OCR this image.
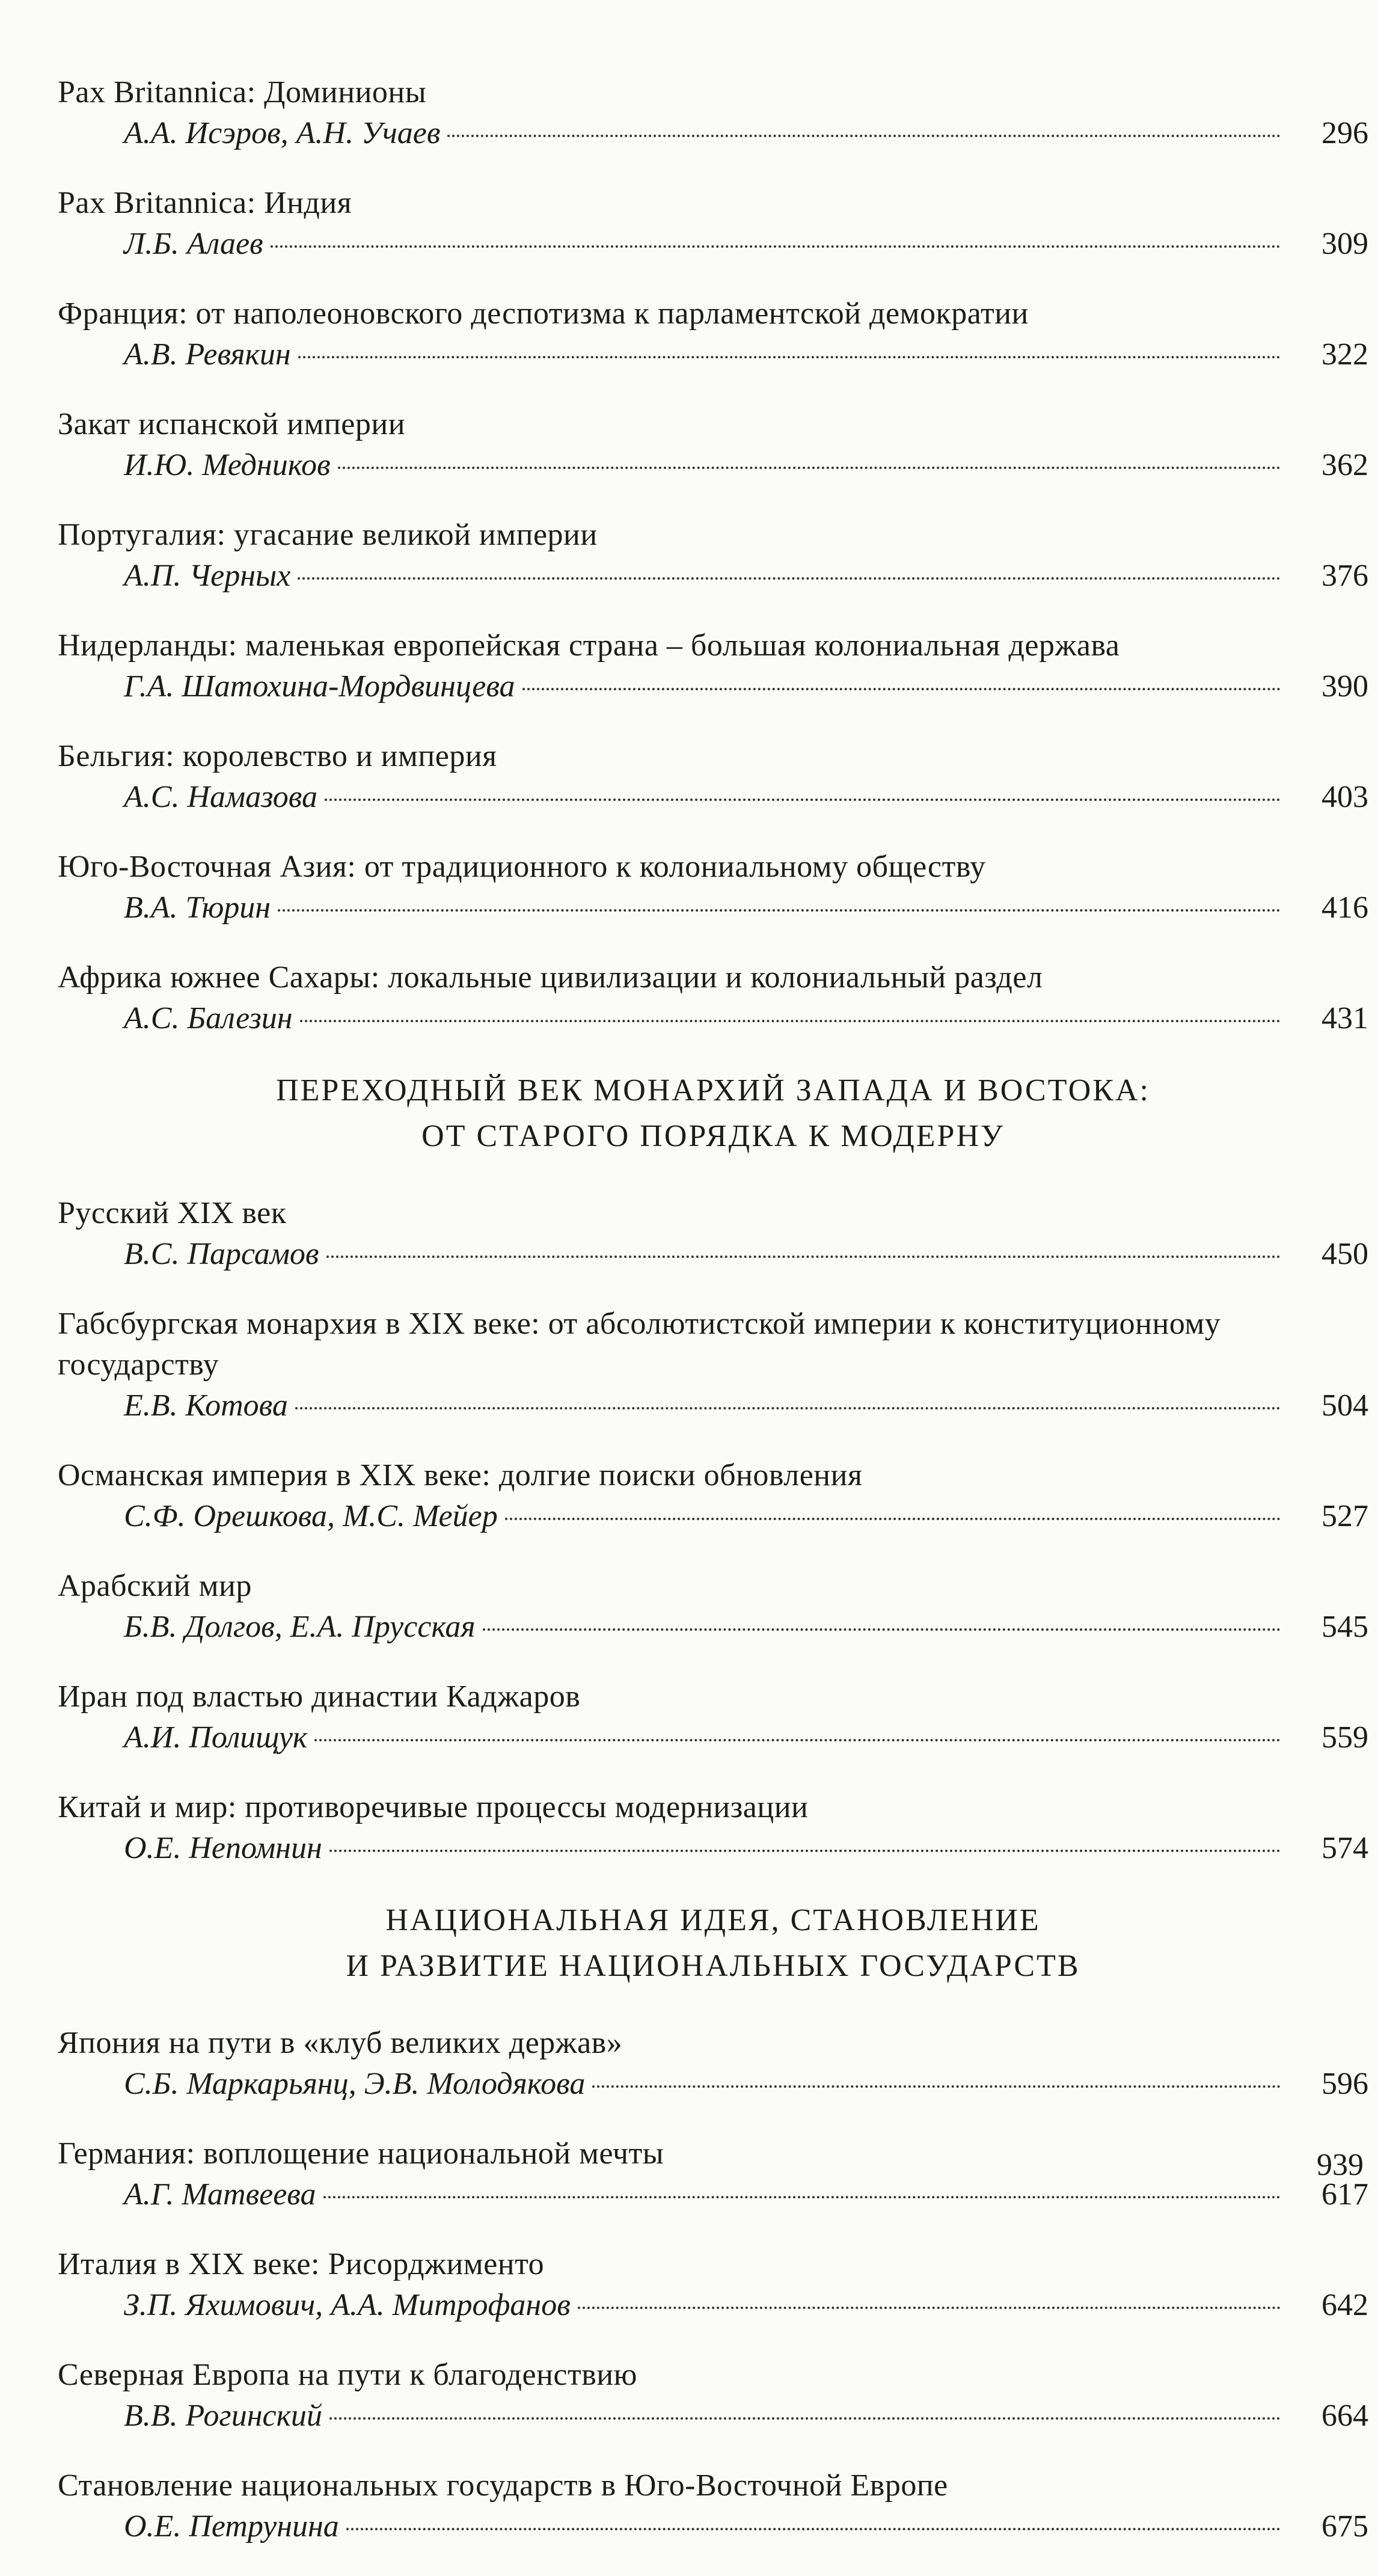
Pax Britannica: Доминионы
А.А. Исэров, А.Н. Учаев	296
Pax Britannica: Индия
Л.Б. Алаев	309
Франция: от наполеоновского деспотизма к парламентской демократии
А.В. Ревякин	322
Закат испанской империи
И.Ю. Медников	362
Португалия: угасание великой империи
А.П. Черных	376
Нидерланды: маленькая европейская страна – большая колониальная держава
Г.А. Шатохина-Мордвинцева	390
Бельгия: королевство и империя
А.С. Намазова	403
Юго-Восточная Азия: от традиционного к колониальному обществу
В.А. Тюрин	416
Африка южнее Сахары: локальные цивилизации и колониальный раздел
А.С. Балезин	431
ПЕРЕХОДНЫЙ ВЕК МОНАРХИЙ ЗАПАДА И ВОСТОКА:
ОТ СТАРОГО ПОРЯДКА К МОДЕРНУ
Русский XIX век
В.С. Парсамов	450
Габсбургская монархия в XIX веке: от абсолютистской империи к конституционному государству
Е.В. Котова	504
Османская империя в XIX веке: долгие поиски обновления
С.Ф. Орешкова, М.С. Мейер	527
Арабский мир
Б.В. Долгов, Е.А. Прусская	545
Иран под властью династии Каджаров
А.И. Полищук	559
Китай и мир: противоречивые процессы модернизации
О.Е. Непомнин	574
НАЦИОНАЛЬНАЯ ИДЕЯ, СТАНОВЛЕНИЕ
И РАЗВИТИЕ НАЦИОНАЛЬНЫХ ГОСУДАРСТВ
Япония на пути в «клуб великих держав»
С.Б. Маркарьянц, Э.В. Молодякова	596
Германия: воплощение национальной мечты
А.Г. Матвеева	617
Италия в XIX веке: Рисорджименто
З.П. Яхимович, А.А. Митрофанов	642
Северная Европа на пути к благоденствию
В.В. Рогинский	664
Становление национальных государств в Юго-Восточной Европе
О.Е. Петрунина	675
939
